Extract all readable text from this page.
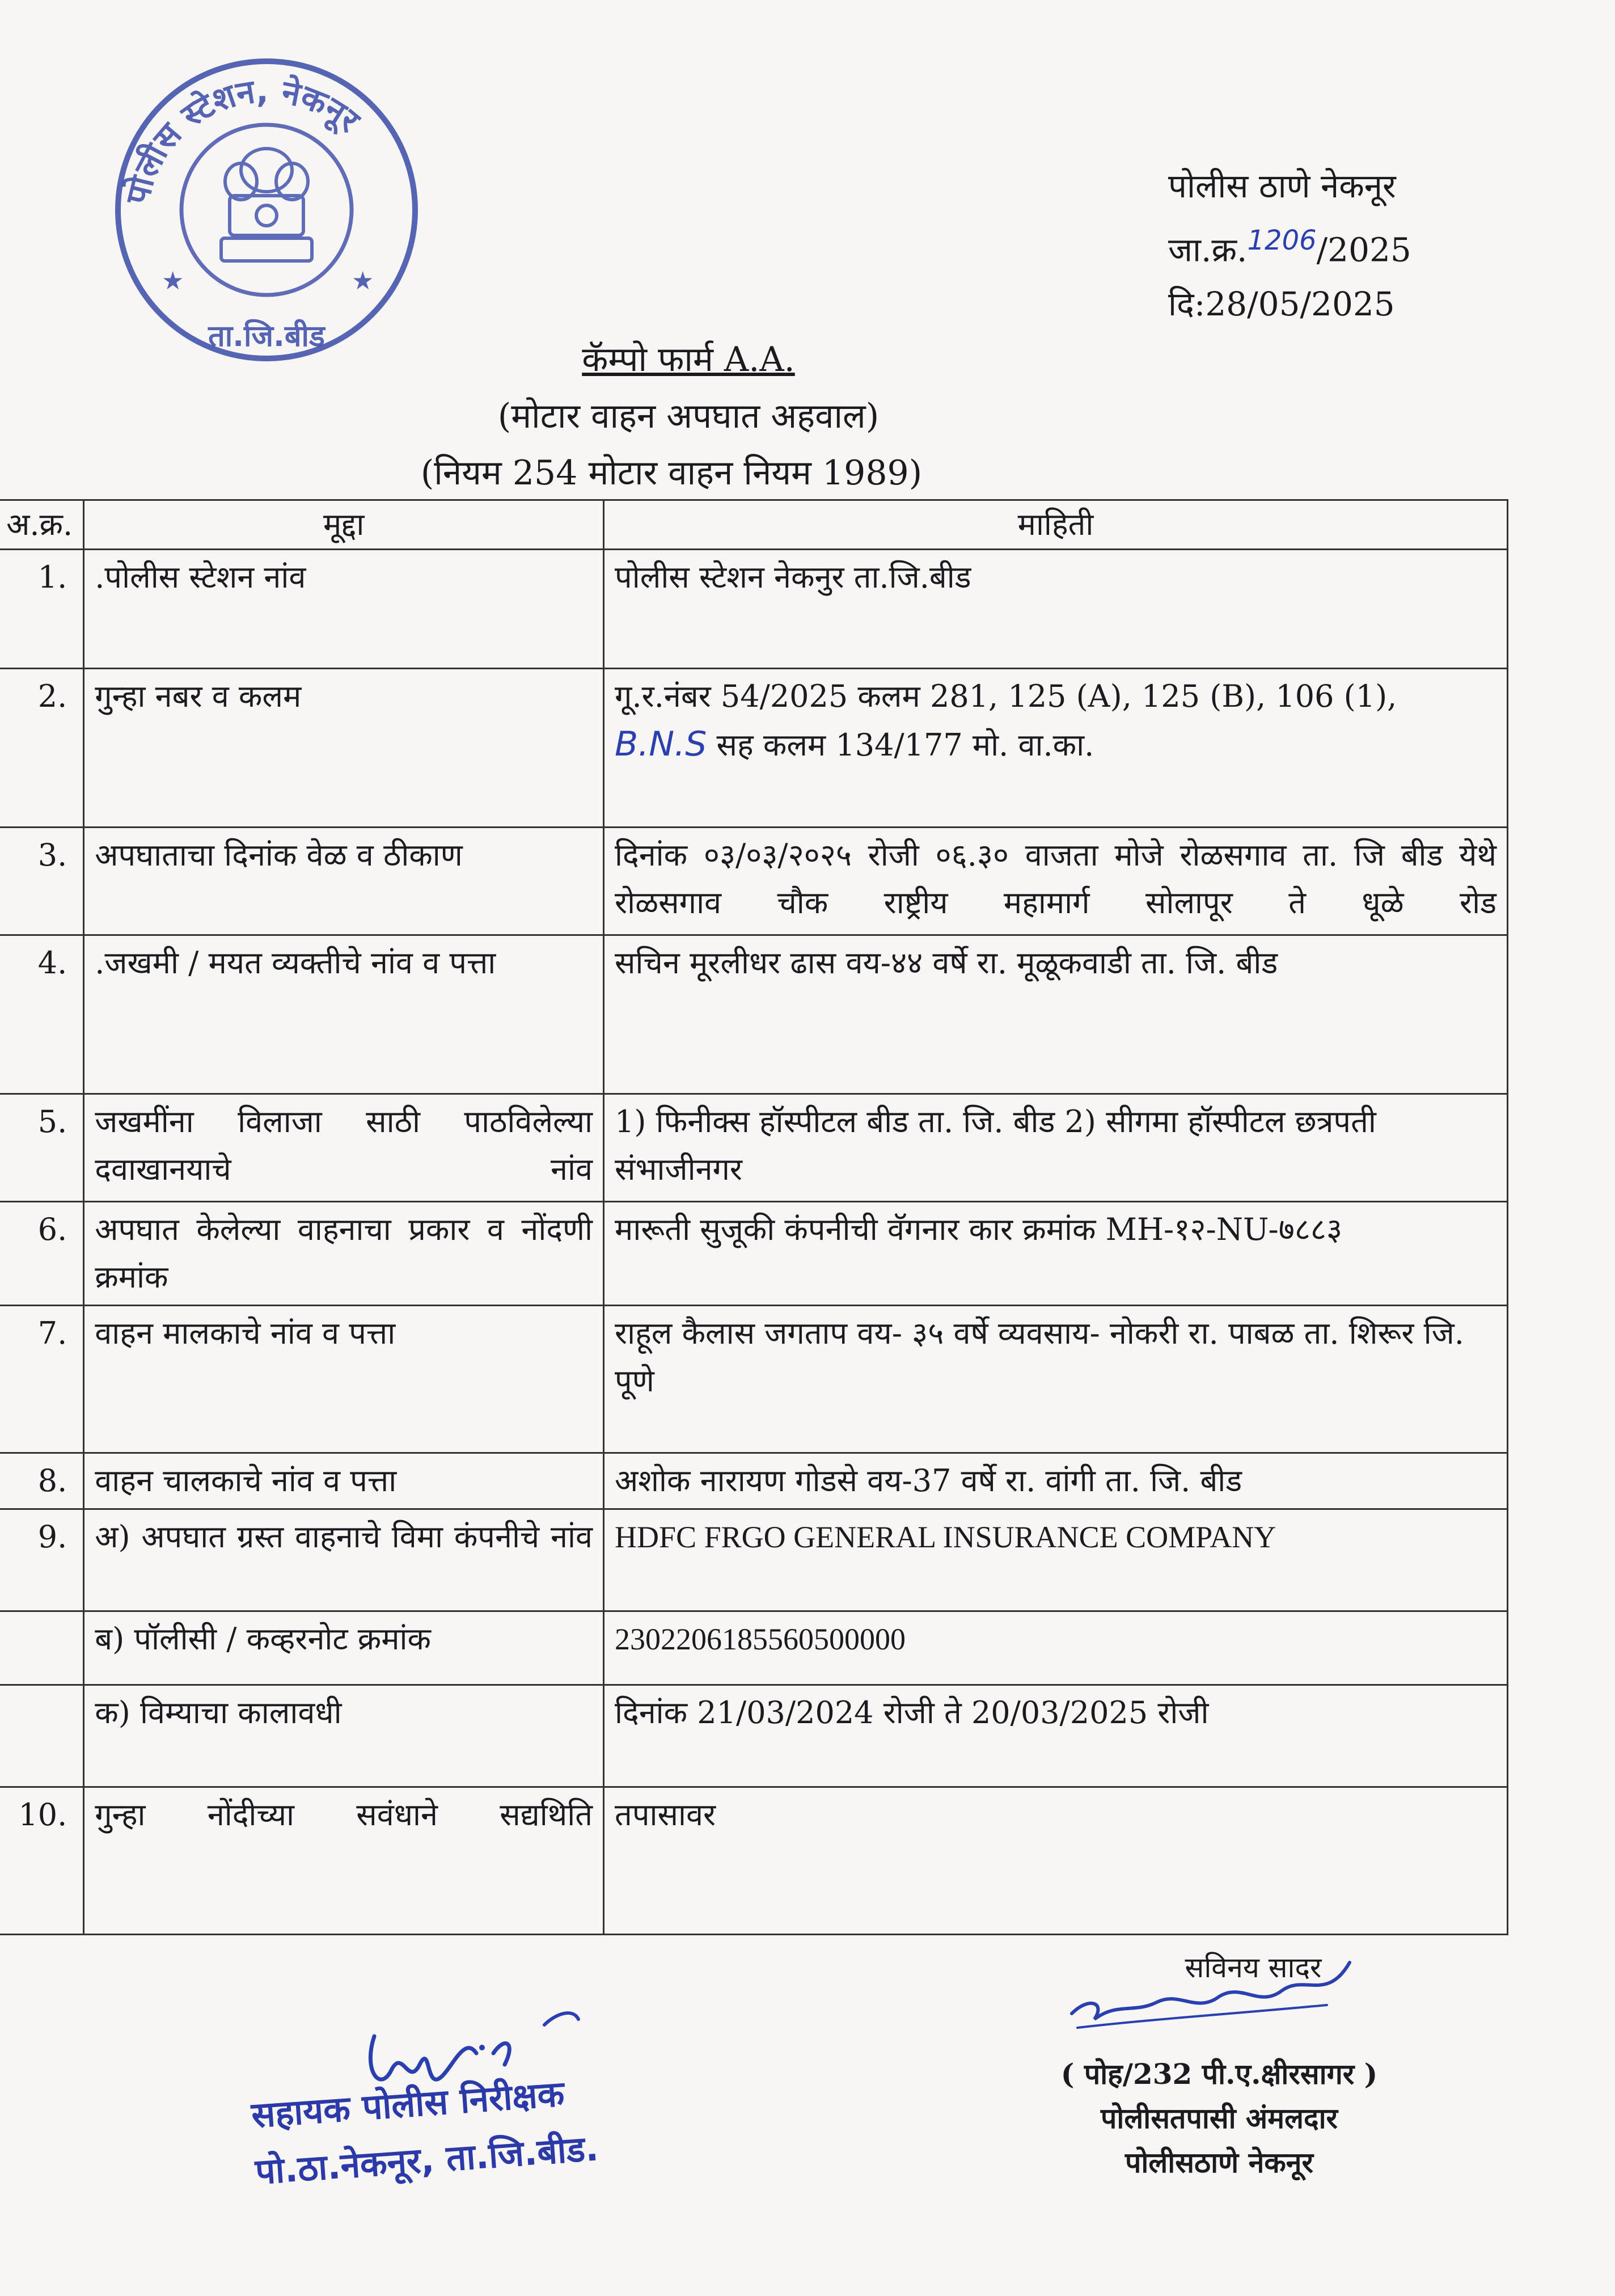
पोलीस स्टेशन, नेकनूर
ता.जि.बीड
★	★
पोलीस ठाणे नेकनूर
जा.क्र.$^{1206}$/2025
दि:28/05/2025
कॅम्पो फार्म A.A.
(मोटार वाहन अपघात अहवाल)
(नियम 254 मोटार वाहन नियम 1989)
अ.क्र.	मूद्दा	माहिती
1.	.पोलीस स्टेशन नांव	पोलीस स्टेशन नेकनुर ता.जि.बीड
2.	गुन्हा नबर व कलम	गू.र.नंबर 54/2025 कलम 281, 125 (A), 125 (B), 106 (1),
B.N.S सह कलम 134/177 मो. वा.का.

3.	अपघाताचा दिनांक वेळ व ठीकाण	दिनांक ०३/०३/२०२५ रोजी ०६.३० वाजता मोजे रोळसगाव ता. जि बीड येथे रोळसगाव चौक राष्ट्रीय महामार्ग सोलापूर ते धूळे रोड
4.	.जखमी / मयत व्यक्तीचे नांव व पत्ता	सचिन मूरलीधर ढास वय-४४ वर्षे रा. मूळूकवाडी ता. जि. बीड
5.	जखमींना विलाजा साठी पाठविलेल्या दवाखानयाचे नांव	1) फिनीक्स हॉस्पीटल बीड ता. जि. बीड 2) सीगमा हॉस्पीटल छत्रपती संभाजीनगर
6.	अपघात केलेल्या वाहनाचा प्रकार व नोंदणी क्रमांक	मारूती सुजूकी कंपनीची वॅगनार कार क्रमांक MH-१२-NU-७८८३
7.	वाहन मालकाचे नांव व पत्ता	राहूल कैलास जगताप वय- ३५ वर्षे व्यवसाय- नोकरी रा. पाबळ ता. शिरूर जि. पूणे
8.	वाहन चालकाचे नांव व पत्ता	अशोक नारायण गोडसे वय-37 वर्षे रा. वांगी ता. जि. बीड
9.	अ) अपघात ग्रस्त वाहनाचे विमा कंपनीचे नांव	HDFC FRGO GENERAL INSURANCE COMPANY
	ब) पॉलीसी / कव्हरनोट क्रमांक	2302206185560500000
	क) विम्याचा कालावधी	दिनांक 21/03/2024 रोजी ते 20/03/2025 रोजी
10.	गुन्हा नोंदीच्या सवंधाने सद्यथिति	तपासावर
सहायक पोलीस निरीक्षक
पो.ठा.नेकनूर, ता.जि.बीड.
सविनय सादर
( पोह/232 पी.ए.क्षीरसागर )
पोलीसतपासी अंमलदार
पोलीसठाणे नेकनूर
